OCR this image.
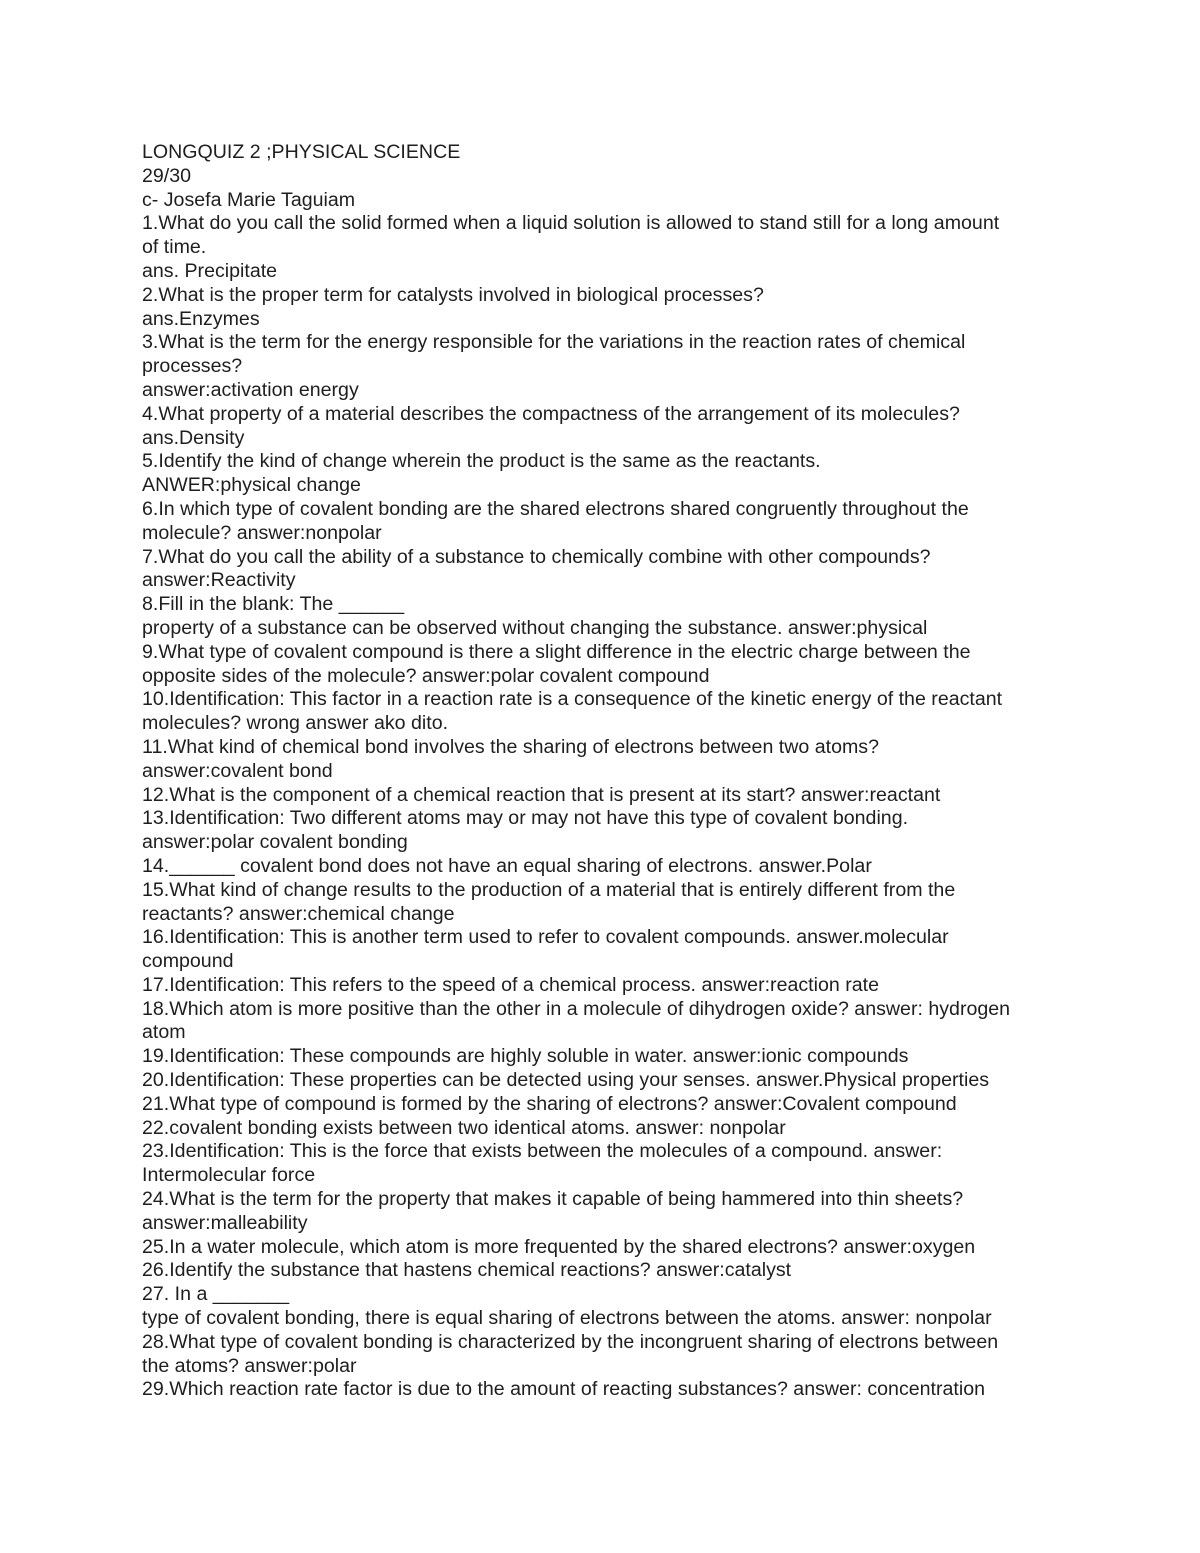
LONGQUIZ 2 ;PHYSICAL SCIENCE
29/30
c- Josefa Marie Taguiam
1.What do you call the solid formed when a liquid solution is allowed to stand still for a long amount
of time.
ans. Precipitate
2.What is the proper term for catalysts involved in biological processes?
ans.Enzymes
3.What is the term for the energy responsible for the variations in the reaction rates of chemical
processes?
answer:activation energy
4.What property of a material describes the compactness of the arrangement of its molecules?
ans.Density
5.Identify the kind of change wherein the product is the same as the reactants.
ANWER:physical change
6.In which type of covalent bonding are the shared electrons shared congruently throughout the
molecule? answer:nonpolar
7.What do you call the ability of a substance to chemically combine with other compounds?
answer:Reactivity
8.Fill in the blank: The ______
property of a substance can be observed without changing the substance. answer:physical
9.What type of covalent compound is there a slight difference in the electric charge between the
opposite sides of the molecule? answer:polar covalent compound
10.Identification: This factor in a reaction rate is a consequence of the kinetic energy of the reactant
molecules? wrong answer ako dito.
11.What kind of chemical bond involves the sharing of electrons between two atoms?
answer:covalent bond
12.What is the component of a chemical reaction that is present at its start? answer:reactant
13.Identification: Two different atoms may or may not have this type of covalent bonding.
answer:polar covalent bonding
14.______ covalent bond does not have an equal sharing of electrons. answer.Polar
15.What kind of change results to the production of a material that is entirely different from the
reactants? answer:chemical change
16.Identification: This is another term used to refer to covalent compounds. answer.molecular
compound
17.Identification: This refers to the speed of a chemical process. answer:reaction rate
18.Which atom is more positive than the other in a molecule of dihydrogen oxide? answer: hydrogen
atom
19.Identification: These compounds are highly soluble in water. answer:ionic compounds
20.Identification: These properties can be detected using your senses. answer.Physical properties
21.What type of compound is formed by the sharing of electrons? answer:Covalent compound
22.covalent bonding exists between two identical atoms. answer: nonpolar
23.Identification: This is the force that exists between the molecules of a compound. answer:
Intermolecular force
24.What is the term for the property that makes it capable of being hammered into thin sheets?
answer:malleability
25.In a water molecule, which atom is more frequented by the shared electrons? answer:oxygen
26.Identify the substance that hastens chemical reactions? answer:catalyst
27. In a _______
type of covalent bonding, there is equal sharing of electrons between the atoms. answer: nonpolar
28.What type of covalent bonding is characterized by the incongruent sharing of electrons between
the atoms? answer:polar
29.Which reaction rate factor is due to the amount of reacting substances? answer: concentration
